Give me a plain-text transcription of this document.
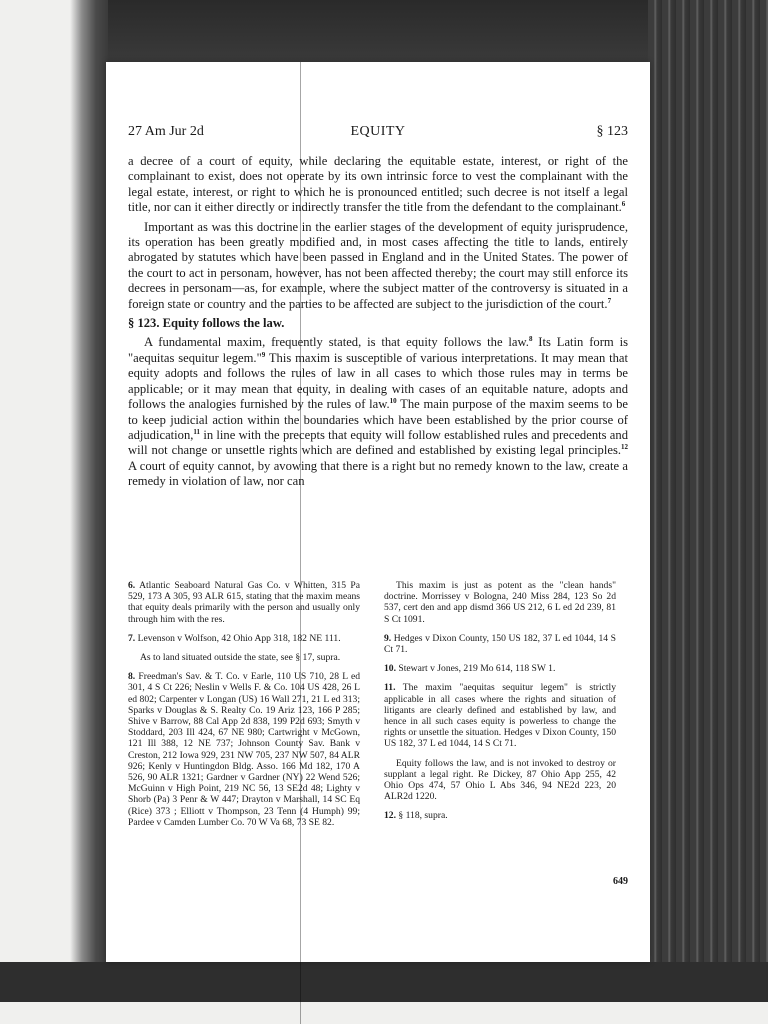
27 Am Jur 2d	EQUITY	§ 123

a decree of a court of equity, while declaring the equitable estate, interest, or right of the complainant to exist, does not operate by its own intrinsic force to vest the complainant with the legal estate, interest, or right to which he is pronounced entitled; such decree is not itself a legal title, nor can it either directly or indirectly transfer the title from the defendant to the complainant.$^6$

Important as was this doctrine in the earlier stages of the development of equity jurisprudence, its operation has been greatly modified and, in most cases affecting the title to lands, entirely abrogated by statutes which have been passed in England and in the United States. The power of the court to act in personam, however, has not been affected thereby; the court may still enforce its decrees in personam—as, for example, where the subject matter of the controversy is situated in a foreign state or country and the parties to be affected are subject to the jurisdiction of the court.$^7$

§ 123. Equity follows the law.

A fundamental maxim, frequently stated, is that equity follows the law.$^8$ Its Latin form is "aequitas sequitur legem."$^9$ This maxim is susceptible of various interpretations. It may mean that equity adopts and follows the rules of law in all cases to which those rules may in terms be applicable; or it may mean that equity, in dealing with cases of an equitable nature, adopts and follows the analogies furnished by the rules of law.$^{10}$ The main purpose of the maxim seems to be to keep judicial action within the boundaries which have been established by the prior course of adjudication,$^{11}$ in line with the precepts that equity will follow established rules and precedents and will not change or unsettle rights which are defined and established by existing legal principles.$^{12}$ A court of equity cannot, by avowing that there is a right but no remedy known to the law, create a remedy in violation of law, nor can

6. Atlantic Seaboard Natural Gas Co. v Whitten, 315 Pa 529, 173 A 305, 93 ALR 615, stating that the maxim means that equity deals primarily with the person and usually only through him with the res.

7. Levenson v Wolfson, 42 Ohio App 318, 182 NE 111.

As to land situated outside the state, see § 17, supra.

8. Freedman's Sav. & T. Co. v Earle, 110 US 710, 28 L ed 301, 4 S Ct 226; Neslin v Wells F. & Co. 104 US 428, 26 L ed 802; Carpenter v Longan (US) 16 Wall 271, 21 L ed 313; Sparks v Douglas & S. Realty Co. 19 Ariz 123, 166 P 285; Shive v Barrow, 88 Cal App 2d 838, 199 P2d 693; Smyth v Stoddard, 203 Ill 424, 67 NE 980; Cartwright v McGown, 121 Ill 388, 12 NE 737; Johnson County Sav. Bank v Creston, 212 Iowa 929, 231 NW 705, 237 NW 507, 84 ALR 926; Kenly v Huntingdon Bldg. Asso. 166 Md 182, 170 A 526, 90 ALR 1321; Gardner v Gardner (NY) 22 Wend 526; McGuinn v High Point, 219 NC 56, 13 SE2d 48; Lighty v Shorb (Pa) 3 Penr & W 447; Drayton v Marshall, 14 SC Eq (Rice) 373 ; Elliott v Thompson, 23 Tenn (4 Humph) 99; Pardee v Camden Lumber Co. 70 W Va 68, 73 SE 82.

This maxim is just as potent as the "clean hands" doctrine. Morrissey v Bologna, 240 Miss 284, 123 So 2d 537, cert den and app dismd 366 US 212, 6 L ed 2d 239, 81 S Ct 1091.

9. Hedges v Dixon County, 150 US 182, 37 L ed 1044, 14 S Ct 71.

10. Stewart v Jones, 219 Mo 614, 118 SW 1.

11. The maxim "aequitas sequitur legem" is strictly applicable in all cases where the rights and situation of litigants are clearly defined and established by law, and hence in all such cases equity is powerless to change the rights or unsettle the situation. Hedges v Dixon County, 150 US 182, 37 L ed 1044, 14 S Ct 71.

Equity follows the law, and is not invoked to destroy or supplant a legal right. Re Dickey, 87 Ohio App 255, 42 Ohio Ops 474, 57 Ohio L Abs 346, 94 NE2d 223, 20 ALR2d 1220.

12. § 118, supra.

649
